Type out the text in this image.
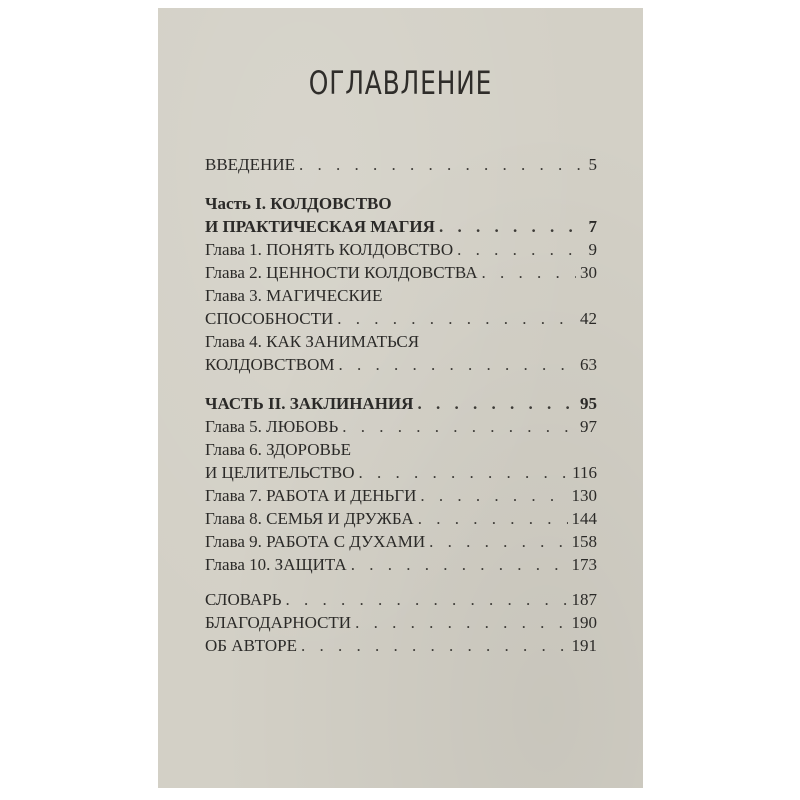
ОГЛАВЛЕНИЕ
ВВЕДЕНИЕ . . .	5
Часть I. КОЛДОВСТВО
И ПРАКТИЧЕСКАЯ МАГИЯ . . .	7
Глава 1. ПОНЯТЬ КОЛДОВСТВО . . .	9
Глава 2. ЦЕННОСТИ КОЛДОВСТВА . . .	30
Глава 3. МАГИЧЕСКИЕ
СПОСОБНОСТИ . . .	42
Глава 4. КАК ЗАНИМАТЬСЯ
КОЛДОВСТВОМ . . .	63
ЧАСТЬ II. ЗАКЛИНАНИЯ . . .	95
Глава 5. ЛЮБОВЬ . . .	97
Глава 6. ЗДОРОВЬЕ
И ЦЕЛИТЕЛЬСТВО . . .	116
Глава 7. РАБОТА И ДЕНЬГИ . . .	130
Глава 8. СЕМЬЯ И ДРУЖБА . . .	144
Глава 9. РАБОТА С ДУХАМИ . . .	158
Глава 10. ЗАЩИТА . . .	173
СЛОВАРЬ . . .	187
БЛАГОДАРНОСТИ . . .	190
ОБ АВТОРЕ . . .	191
